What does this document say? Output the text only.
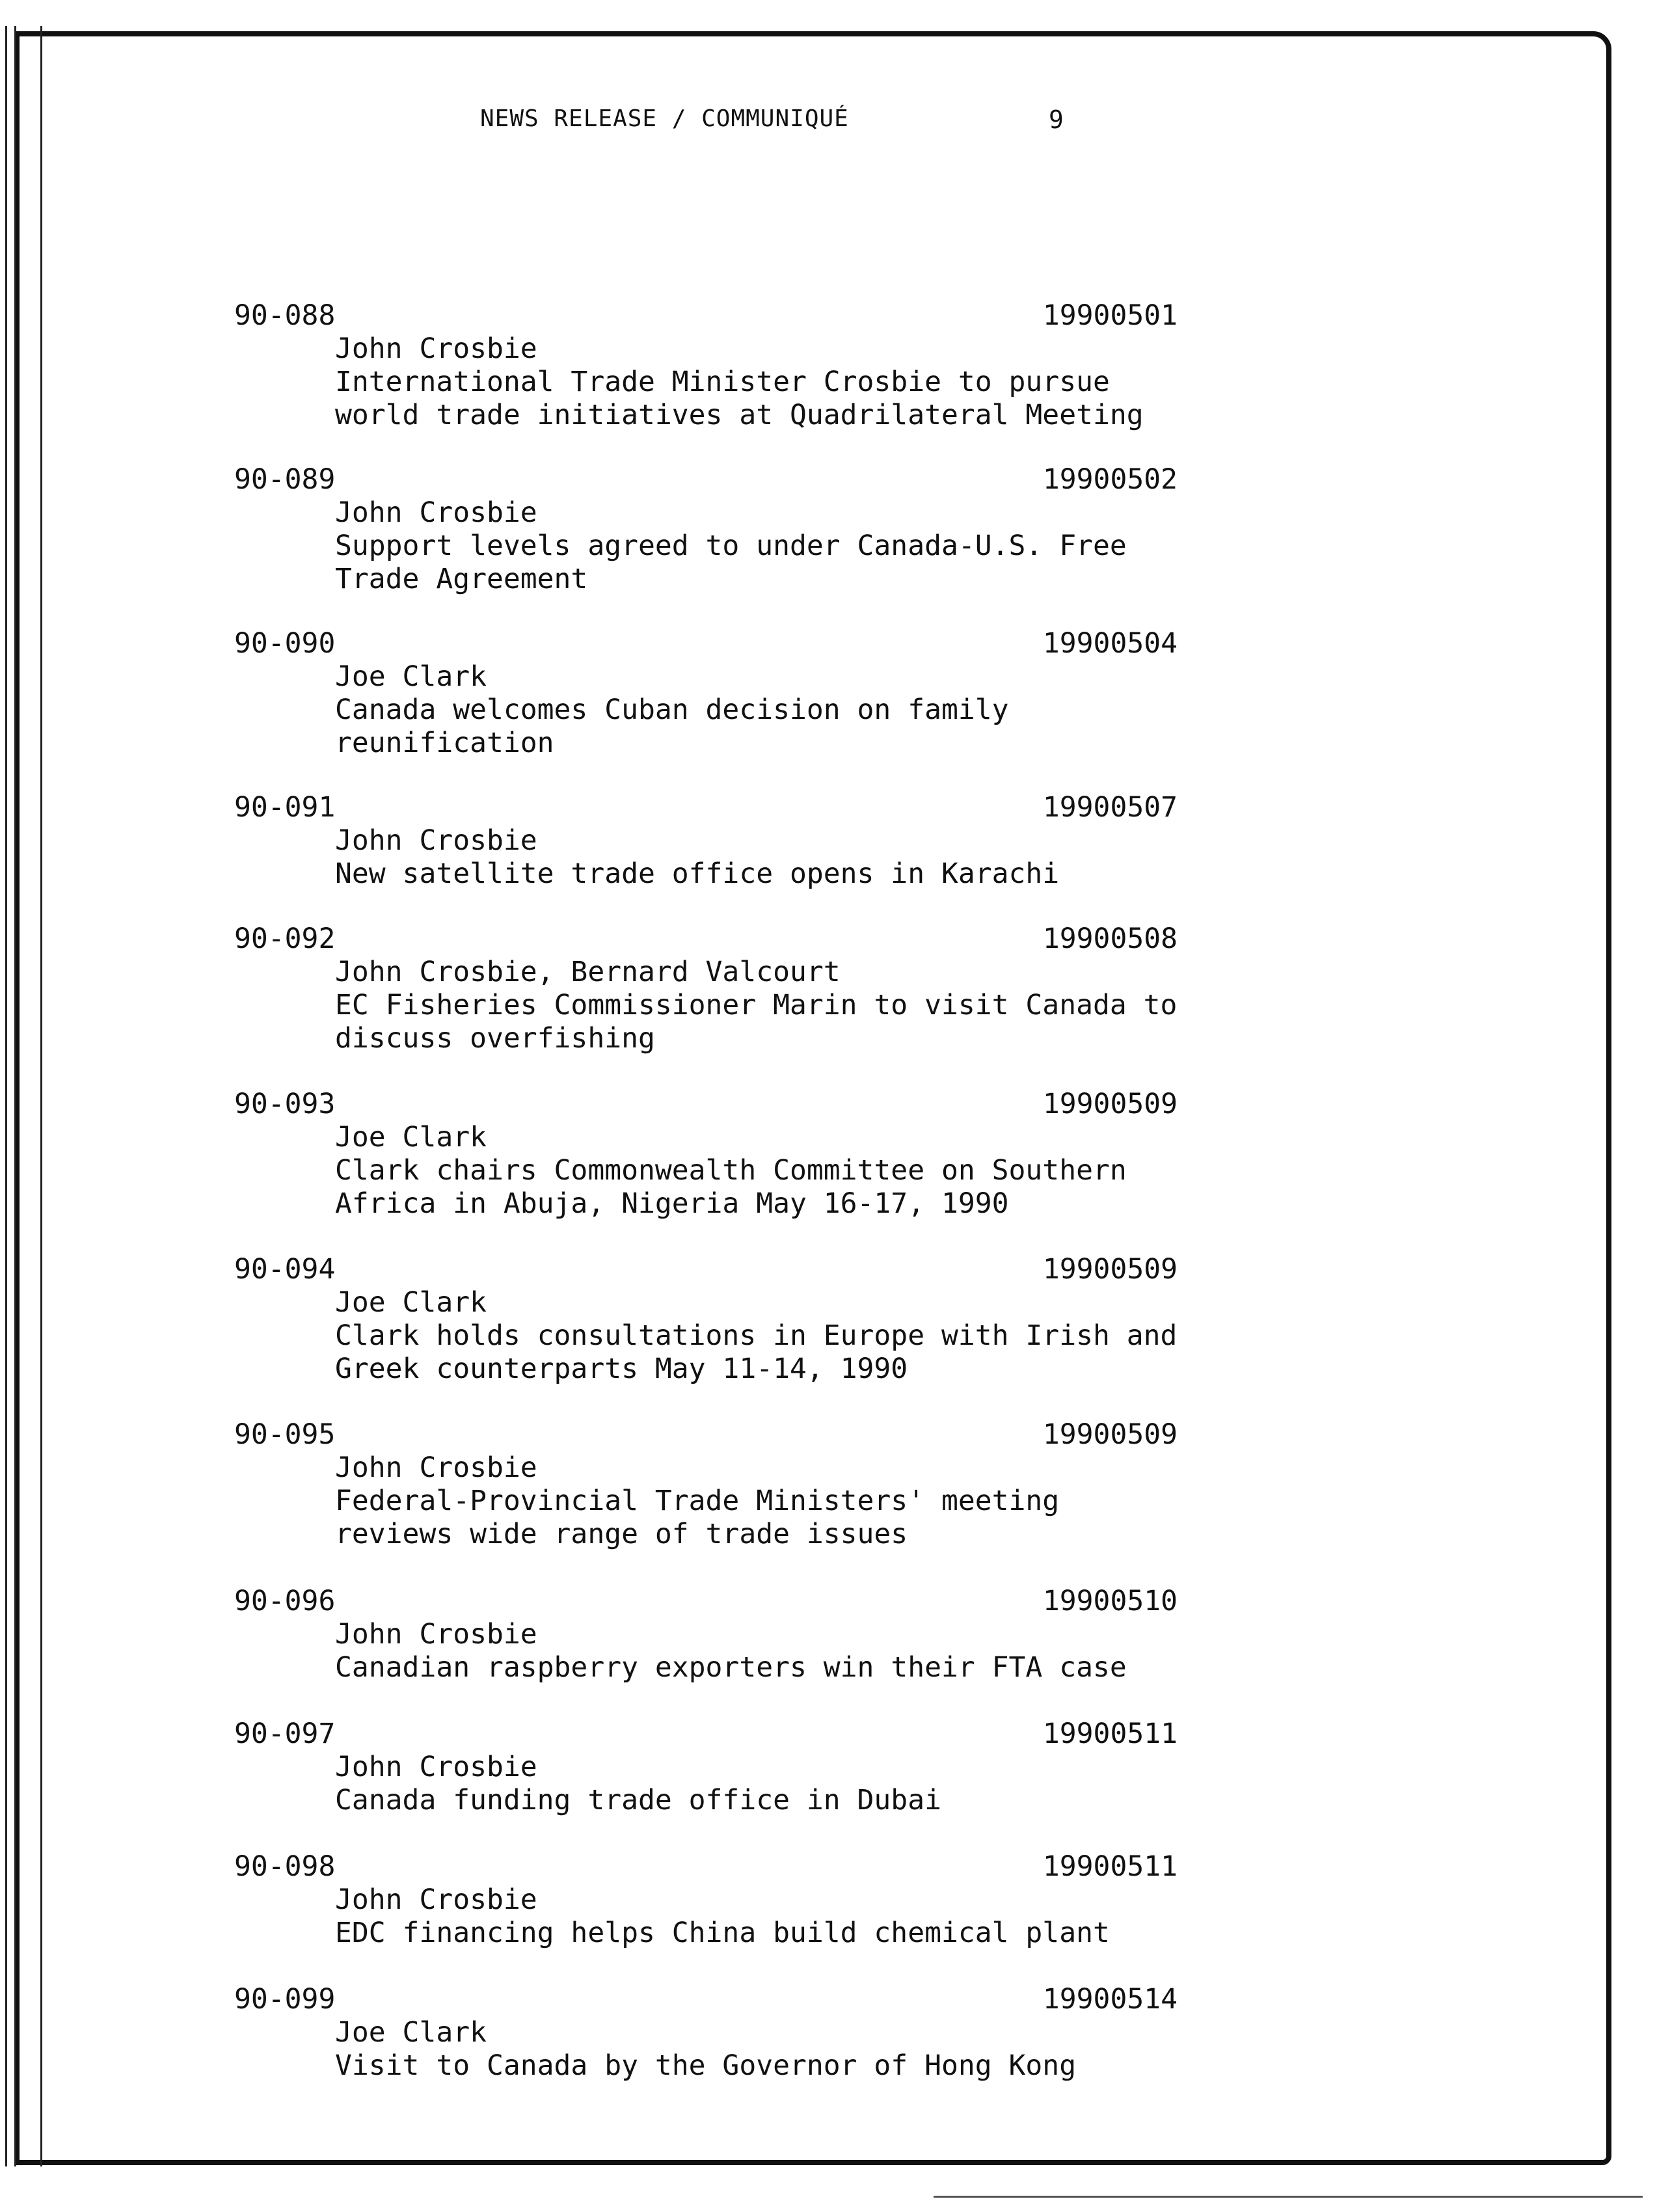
NEWS RELEASE / COMMUNIQUÉ	9
90-088	19900501
John Crosbie
International Trade Minister Crosbie to pursue
world trade initiatives at Quadrilateral Meeting
90-089	19900502
John Crosbie
Support levels agreed to under Canada-U.S. Free
Trade Agreement
90-090	19900504
Joe Clark
Canada welcomes Cuban decision on family
reunification
90-091	19900507
John Crosbie
New satellite trade office opens in Karachi
90-092	19900508
John Crosbie, Bernard Valcourt
EC Fisheries Commissioner Marin to visit Canada to
discuss overfishing
90-093	19900509
Joe Clark
Clark chairs Commonwealth Committee on Southern
Africa in Abuja, Nigeria May 16-17, 1990
90-094	19900509
Joe Clark
Clark holds consultations in Europe with Irish and
Greek counterparts May 11-14, 1990
90-095	19900509
John Crosbie
Federal-Provincial Trade Ministers' meeting
reviews wide range of trade issues
90-096	19900510
John Crosbie
Canadian raspberry exporters win their FTA case
90-097	19900511
John Crosbie
Canada funding trade office in Dubai
90-098	19900511
John Crosbie
EDC financing helps China build chemical plant
90-099	19900514
Joe Clark
Visit to Canada by the Governor of Hong Kong
